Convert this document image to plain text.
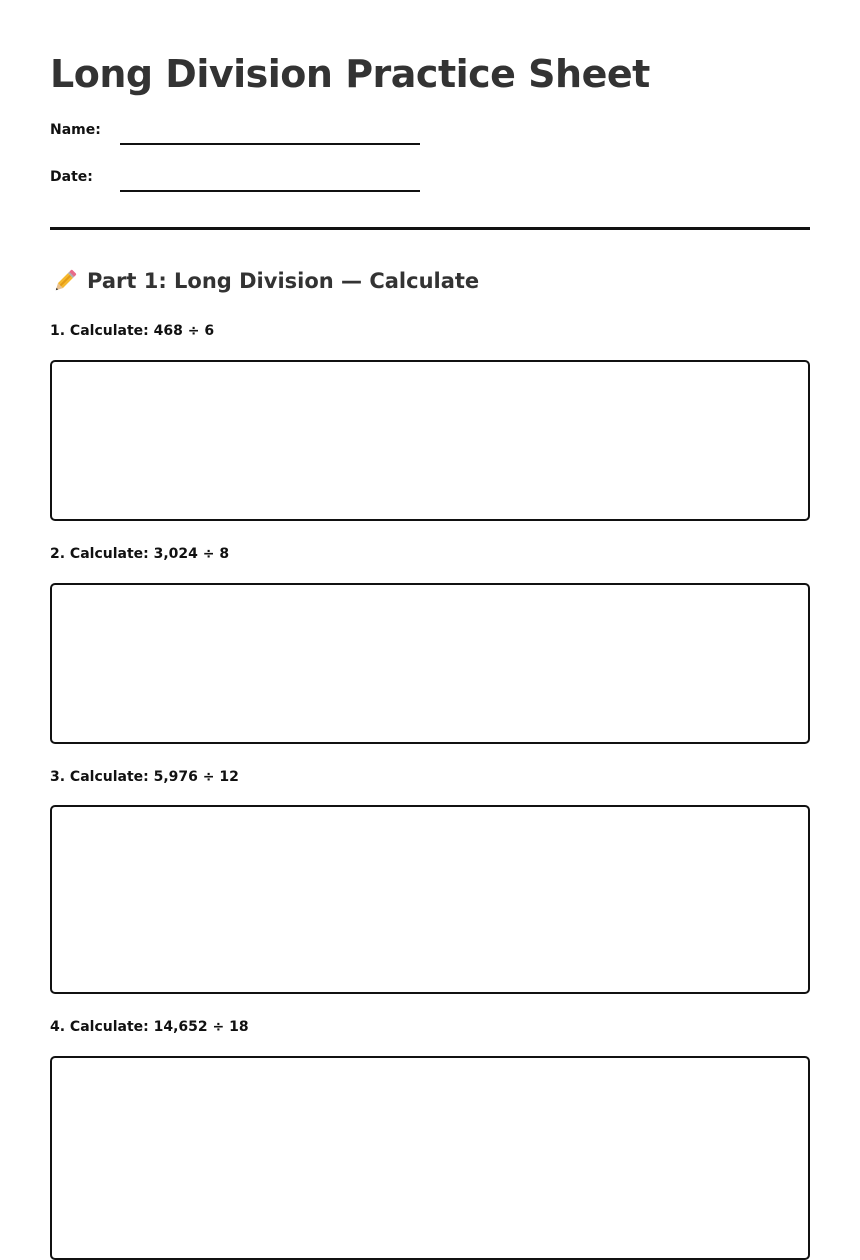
Long Division Practice Sheet
Name:
Date:
Part 1: Long Division — Calculate
1. Calculate: 468 ÷ 6
2. Calculate: 3,024 ÷ 8
3. Calculate: 5,976 ÷ 12
4. Calculate: 14,652 ÷ 18
